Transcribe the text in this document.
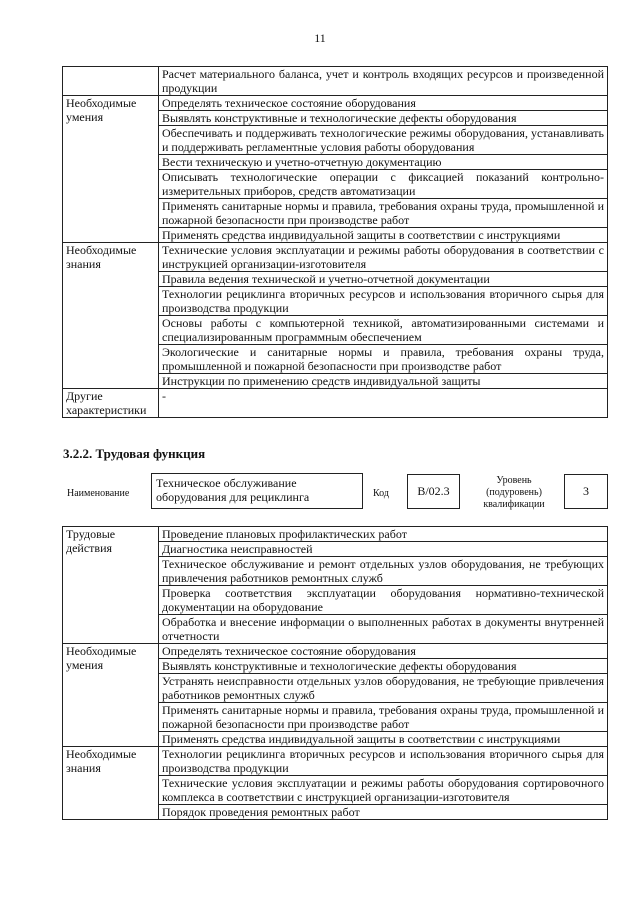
11
	Расчет материального баланса, учет и контроль входящих ресурсов и произведенной продукции
Необходимые умения	Определять техническое состояние оборудования
	Выявлять конструктивные и технологические дефекты оборудования
	Обеспечивать и поддерживать технологические режимы оборудования, устанавливать и поддерживать регламентные условия работы оборудования
	Вести техническую и учетно-отчетную документацию
	Описывать технологические операции с фиксацией показаний контрольно-измерительных приборов, средств автоматизации
	Применять санитарные нормы и правила, требования охраны труда, промышленной и пожарной безопасности при производстве работ
	Применять средства индивидуальной защиты в соответствии с инструкциями
Необходимые знания	Технические условия эксплуатации и режимы работы оборудования в соответствии с инструкцией организации-изготовителя
	Правила ведения технической и учетно-отчетной документации
	Технологии рециклинга вторичных ресурсов и использования вторичного сырья для производства продукции
	Основы работы с компьютерной техникой, автоматизированными системами и специализированным программным обеспечением
	Экологические и санитарные нормы и правила, требования охраны труда, промышленной и пожарной безопасности при производстве работ
	Инструкции по применению средств индивидуальной защиты
Другие характеристики	-
3.2.2. Трудовая функция
Наименование
Техническое обслуживание оборудования для рециклинга	Код	B/02.3
Уровень (подуровень) квалификации
3
Трудовые действия	Проведение плановых профилактических работ
	Диагностика неисправностей
	Техническое обслуживание и ремонт отдельных узлов оборудования, не требующих привлечения работников ремонтных служб
	Проверка соответствия эксплуатации оборудования нормативно-технической документации на оборудование
	Обработка и внесение информации о выполненных работах в документы внутренней отчетности
Необходимые умения	Определять техническое состояние оборудования
	Выявлять конструктивные и технологические дефекты оборудования
	Устранять неисправности отдельных узлов оборудования, не требующие привлечения работников ремонтных служб
	Применять санитарные нормы и правила, требования охраны труда, промышленной и пожарной безопасности при производстве работ
	Применять средства индивидуальной защиты в соответствии с инструкциями
Необходимые знания	Технологии рециклинга вторичных ресурсов и использования вторичного сырья для производства продукции
	Технические условия эксплуатации и режимы работы оборудования сортировочного комплекса в соответствии с инструкцией организации-изготовителя
	Порядок проведения ремонтных работ
